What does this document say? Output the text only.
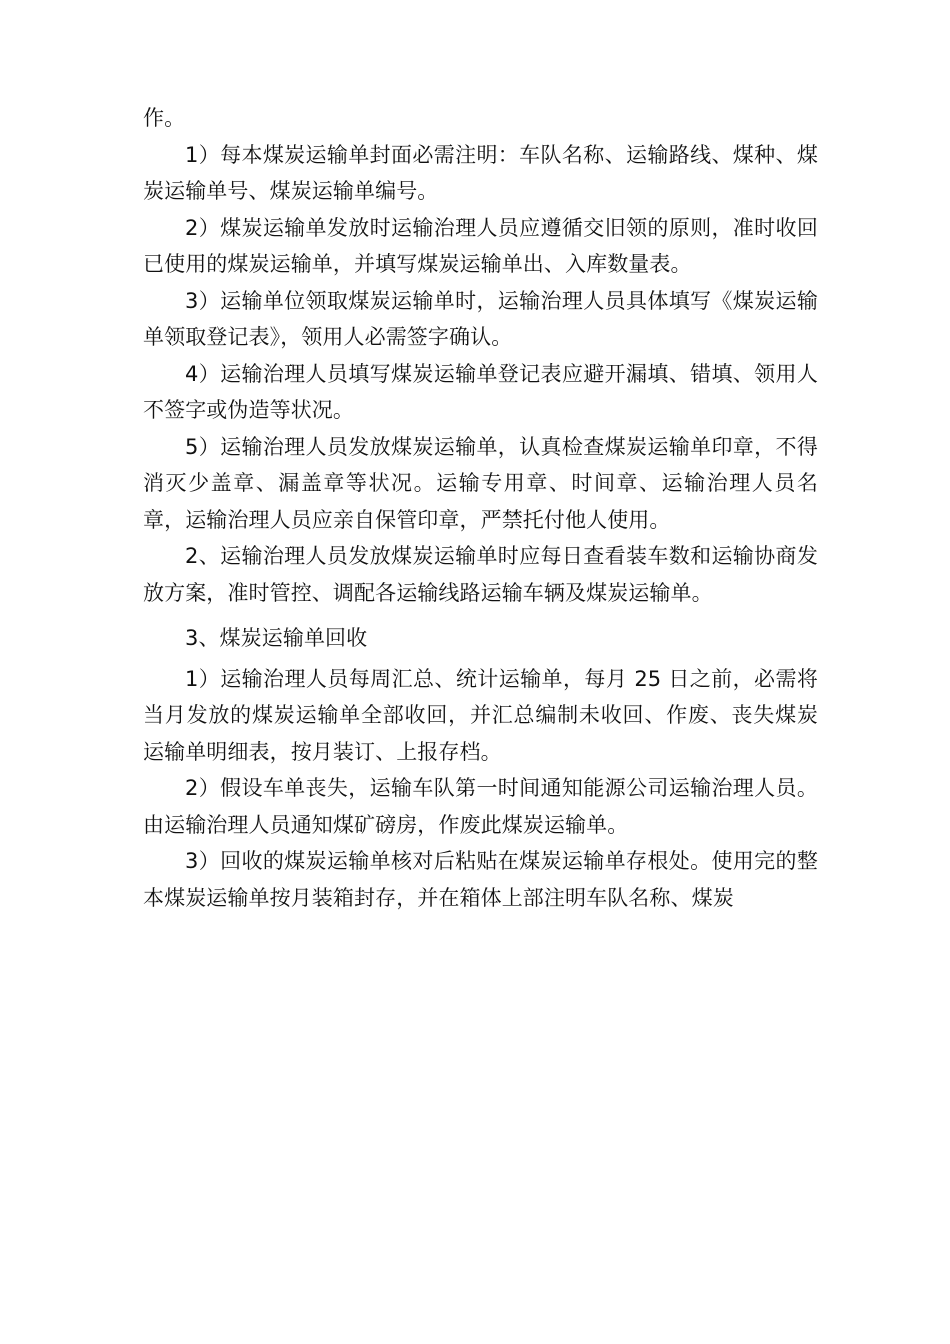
作。

1）每本煤炭运输单封面必需注明：车队名称、运输路线、煤种、煤炭运输单号、煤炭运输单编号。

2）煤炭运输单发放时运输治理人员应遵循交旧领的原则，准时收回已使用的煤炭运输单，并填写煤炭运输单出、入库数量表。

3）运输单位领取煤炭运输单时，运输治理人员具体填写《煤炭运输单领取登记表》，领用人必需签字确认。

4）运输治理人员填写煤炭运输单登记表应避开漏填、错填、领用人不签字或伪造等状况。

5）运输治理人员发放煤炭运输单，认真检查煤炭运输单印章，不得消灭少盖章、漏盖章等状况。运输专用章、时间章、运输治理人员名章，运输治理人员应亲自保管印章，严禁托付他人使用。

2、运输治理人员发放煤炭运输单时应每日查看装车数和运输协商发放方案，准时管控、调配各运输线路运输车辆及煤炭运输单。

3、煤炭运输单回收

1）运输治理人员每周汇总、统计运输单，每月 25 日之前，必需将当月发放的煤炭运输单全部收回，并汇总编制未收回、作废、丧失煤炭运输单明细表，按月装订、上报存档。

2）假设车单丧失，运输车队第一时间通知能源公司运输治理人员。由运输治理人员通知煤矿磅房，作废此煤炭运输单。

3）回收的煤炭运输单核对后粘贴在煤炭运输单存根处。使用完的整本煤炭运输单按月装箱封存，并在箱体上部注明车队名称、煤炭
